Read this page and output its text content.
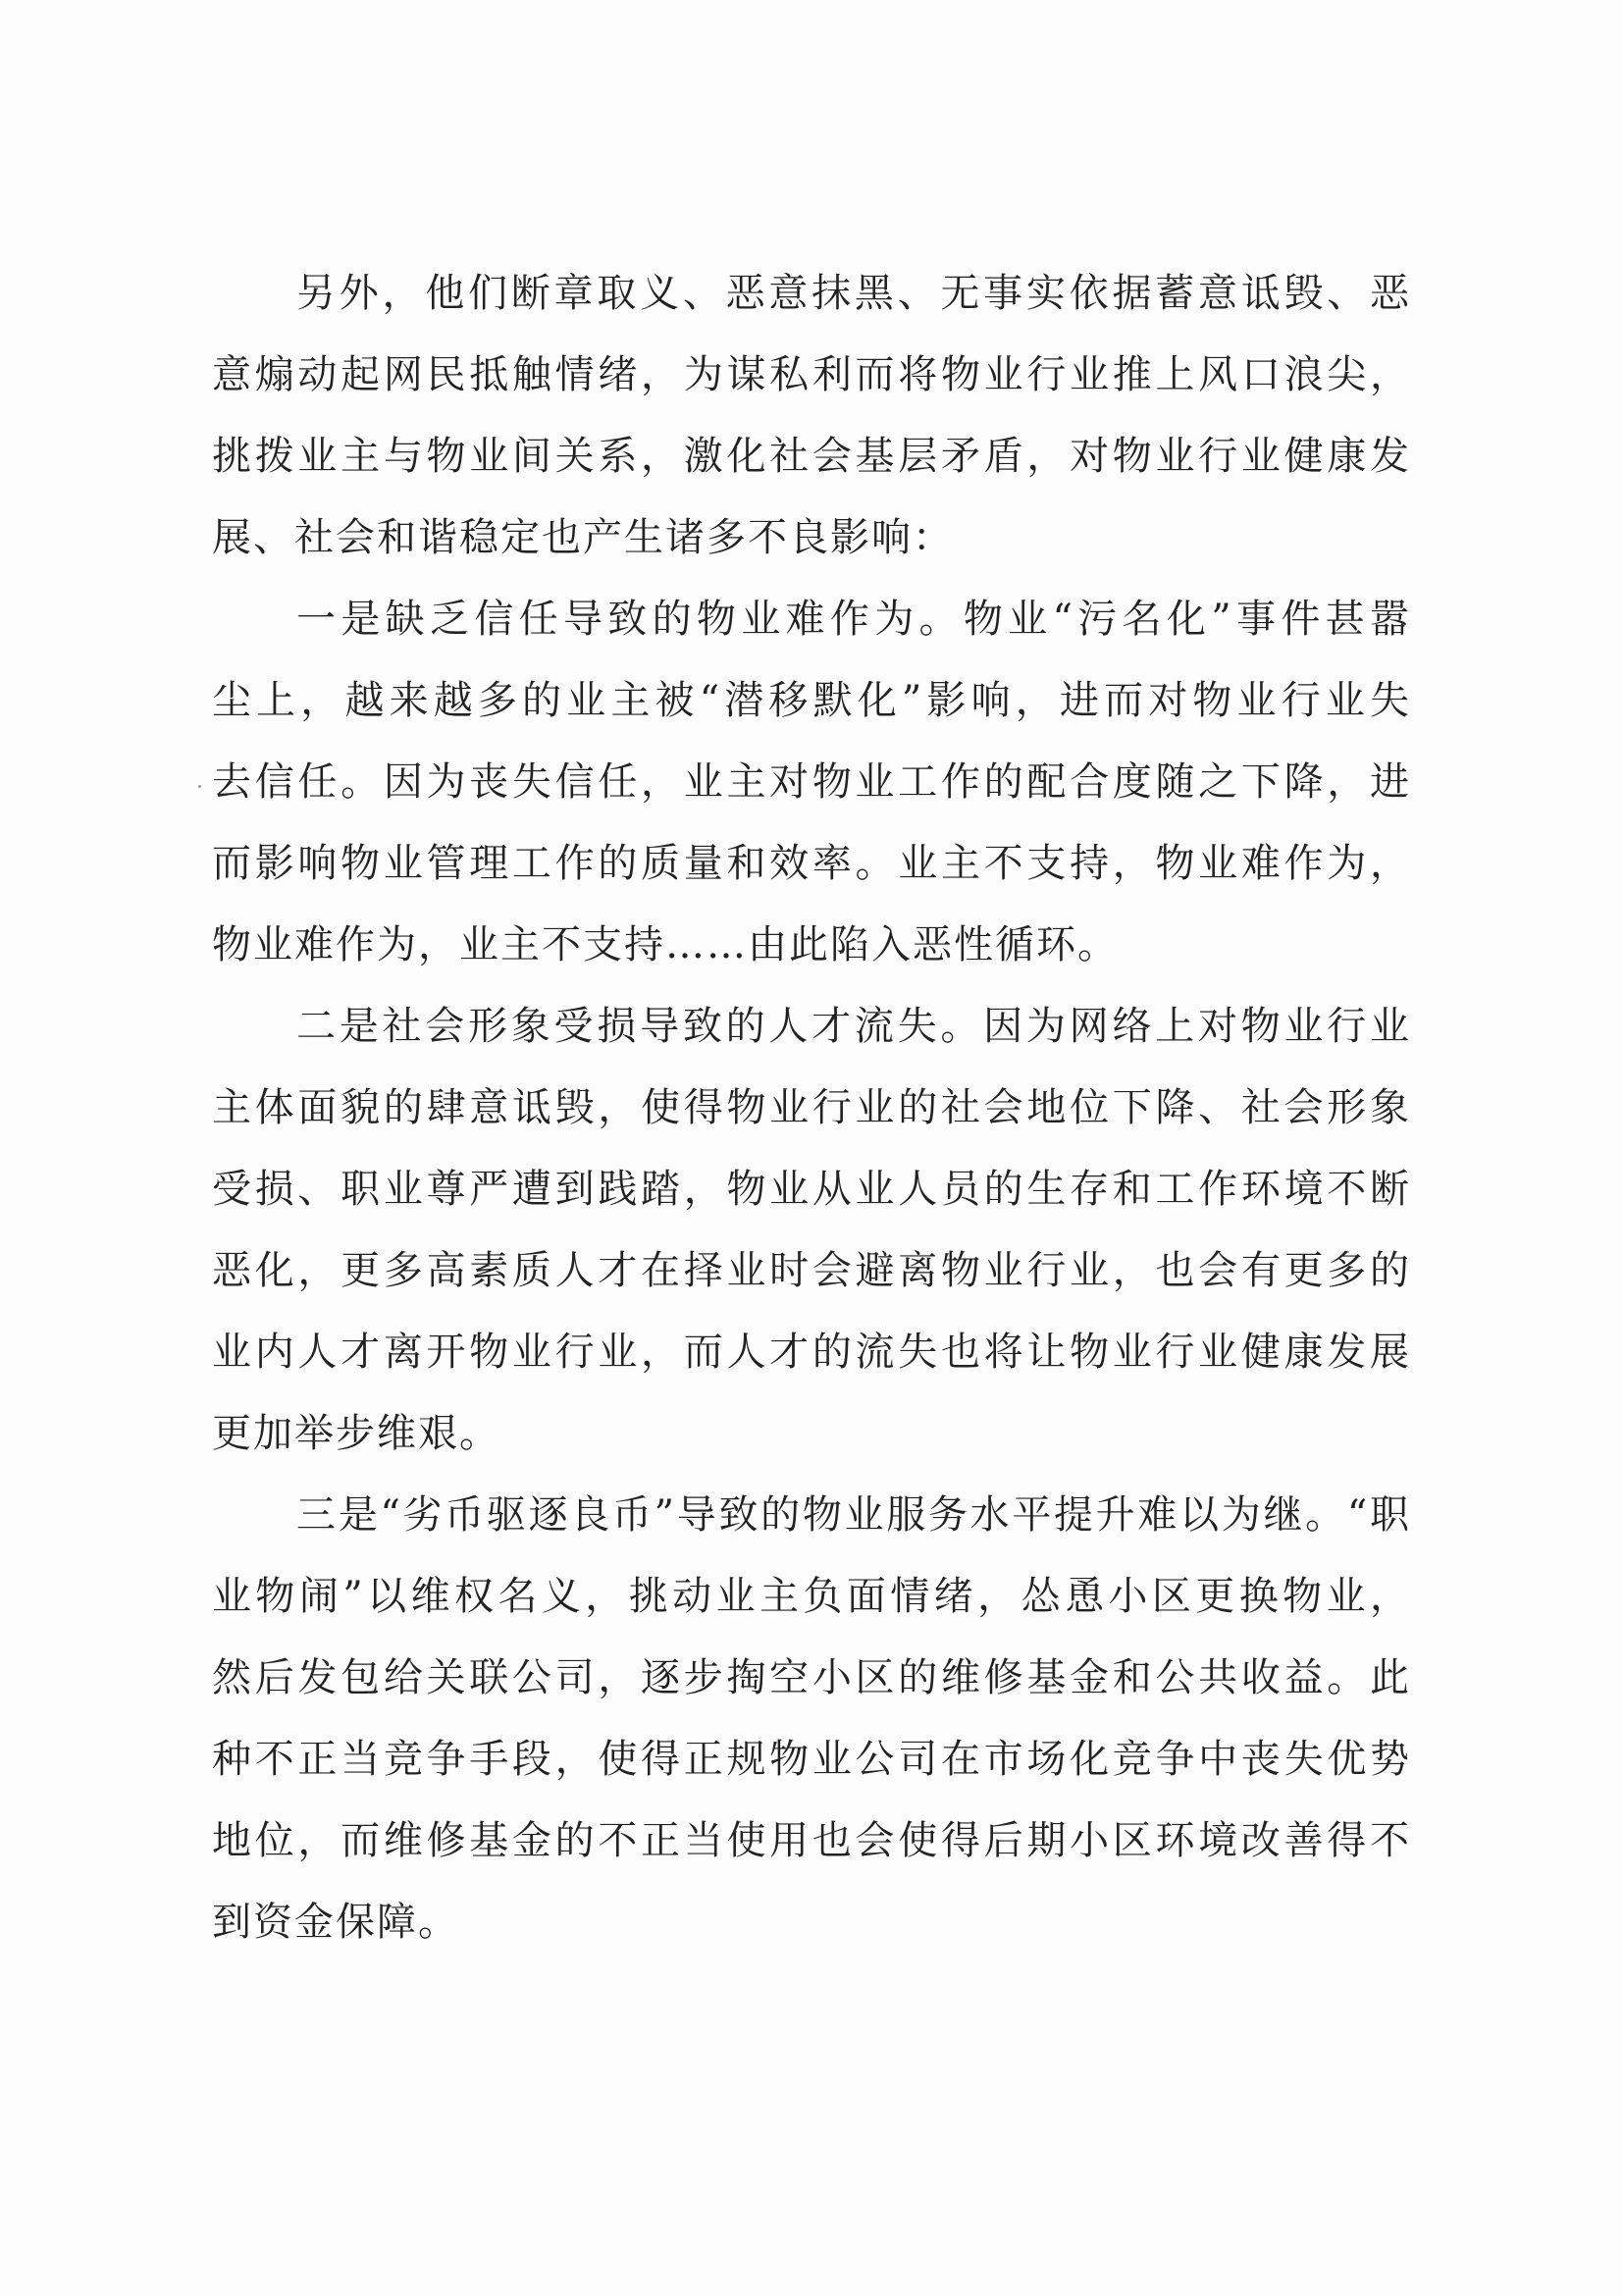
另外，他们断章取义、恶意抹黑、无事实依据蓄意诋毁、恶
意煽动起网民抵触情绪，为谋私利而将物业行业推上风口浪尖，
挑拨业主与物业间关系，激化社会基层矛盾，对物业行业健康发
展、社会和谐稳定也产生诸多不良影响：
一是缺乏信任导致的物业难作为。物业“污名化”事件甚嚣
尘上，越来越多的业主被“潜移默化”影响，进而对物业行业失
去信任。因为丧失信任，业主对物业工作的配合度随之下降，进
而影响物业管理工作的质量和效率。业主不支持，物业难作为，
物业难作为，业主不支持……由此陷入恶性循环。
二是社会形象受损导致的人才流失。因为网络上对物业行业
主体面貌的肆意诋毁，使得物业行业的社会地位下降、社会形象
受损、职业尊严遭到践踏，物业从业人员的生存和工作环境不断
恶化，更多高素质人才在择业时会避离物业行业，也会有更多的
业内人才离开物业行业，而人才的流失也将让物业行业健康发展
更加举步维艰。
三是“劣币驱逐良币”导致的物业服务水平提升难以为继。“职
业物闹”以维权名义，挑动业主负面情绪，怂恿小区更换物业，
然后发包给关联公司，逐步掏空小区的维修基金和公共收益。此
种不正当竞争手段，使得正规物业公司在市场化竞争中丧失优势
地位，而维修基金的不正当使用也会使得后期小区环境改善得不
到资金保障。
